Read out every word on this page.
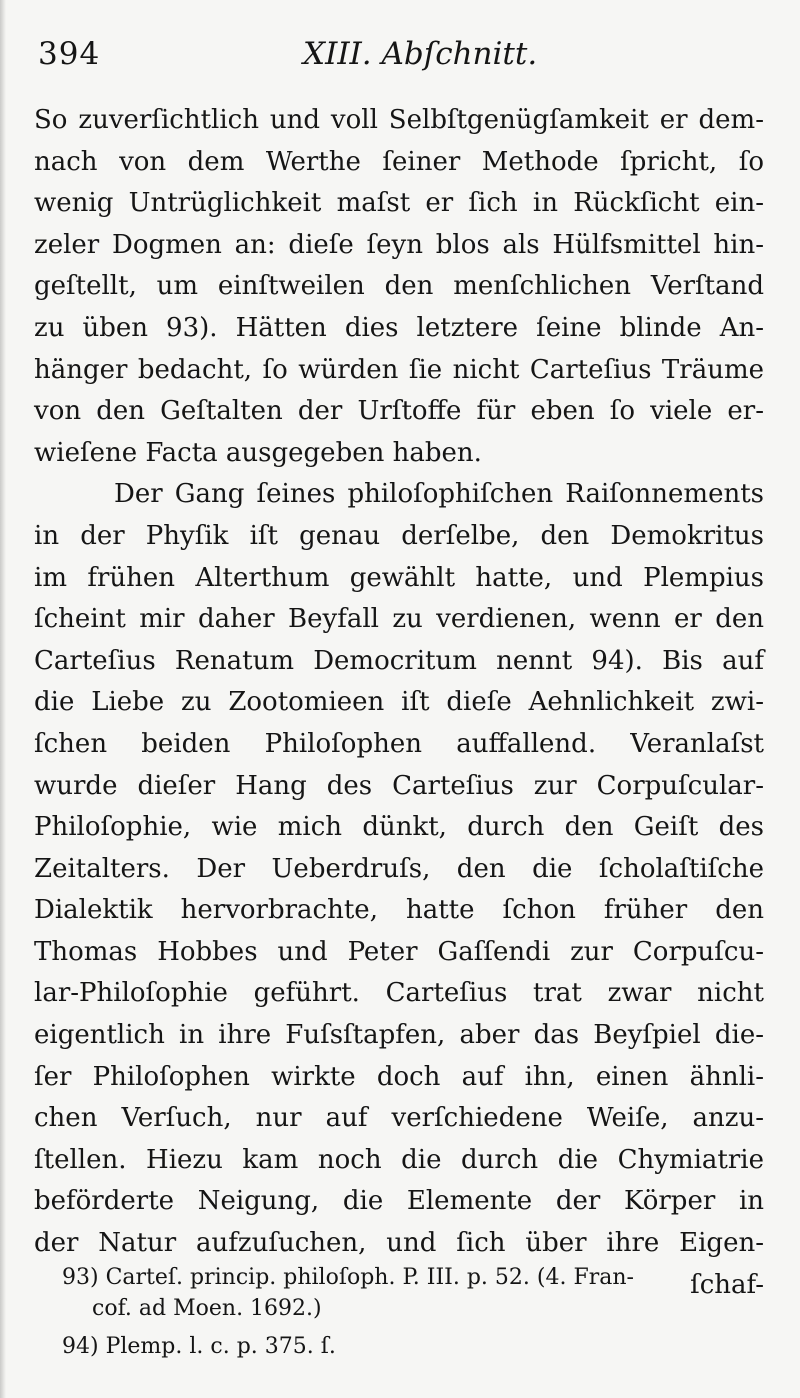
394	XIII. Abſchnitt.
So zuverſichtlich und voll Selbſtgenügſamkeit er dem-
nach von dem Werthe ſeiner Methode ſpricht, ſo
wenig Untrüglichkeit maſst er ſich in Rückſicht ein-
zeler Dogmen an: dieſe ſeyn blos als Hülfsmittel hin-
geſtellt, um einſtweilen den menſchlichen Verſtand
zu üben 93). Hätten dies letztere ſeine blinde An-
hänger bedacht, ſo würden ſie nicht Carteſius Träume
von den Geſtalten der Urſtoffe für eben ſo viele er-
wieſene Facta ausgegeben haben.
Der Gang ſeines philoſophiſchen Raiſonnements
in der Phyſik iſt genau derſelbe, den Demokritus
im frühen Alterthum gewählt hatte, und Plempius
ſcheint mir daher Beyfall zu verdienen, wenn er den
Carteſius Renatum Democritum nennt 94). Bis auf
die Liebe zu Zootomieen iſt dieſe Aehnlichkeit zwi-
ſchen beiden Philoſophen auffallend. Veranlaſst
wurde dieſer Hang des Carteſius zur Corpuſcular-
Philoſophie, wie mich dünkt, durch den Geiſt des
Zeitalters. Der Ueberdruſs, den die ſcholaſtiſche
Dialektik hervorbrachte, hatte ſchon früher den
Thomas Hobbes und Peter Gaſſendi zur Corpuſcu-
lar-Philoſophie geführt. Carteſius trat zwar nicht
eigentlich in ihre Fuſsſtapfen, aber das Beyſpiel die-
ſer Philoſophen wirkte doch auf ihn, einen ähnli-
chen Verſuch, nur auf verſchiedene Weiſe, anzu-
ſtellen. Hiezu kam noch die durch die Chymiatrie
beförderte Neigung, die Elemente der Körper in
der Natur aufzuſuchen, und ſich über ihre Eigen-
ſchaf-
93) Carteſ. princip. philoſoph. P. III. p. 52. (4. Fran-
cof. ad Moen. 1692.)
94) Plemp. l. c. p. 375. ſ.
